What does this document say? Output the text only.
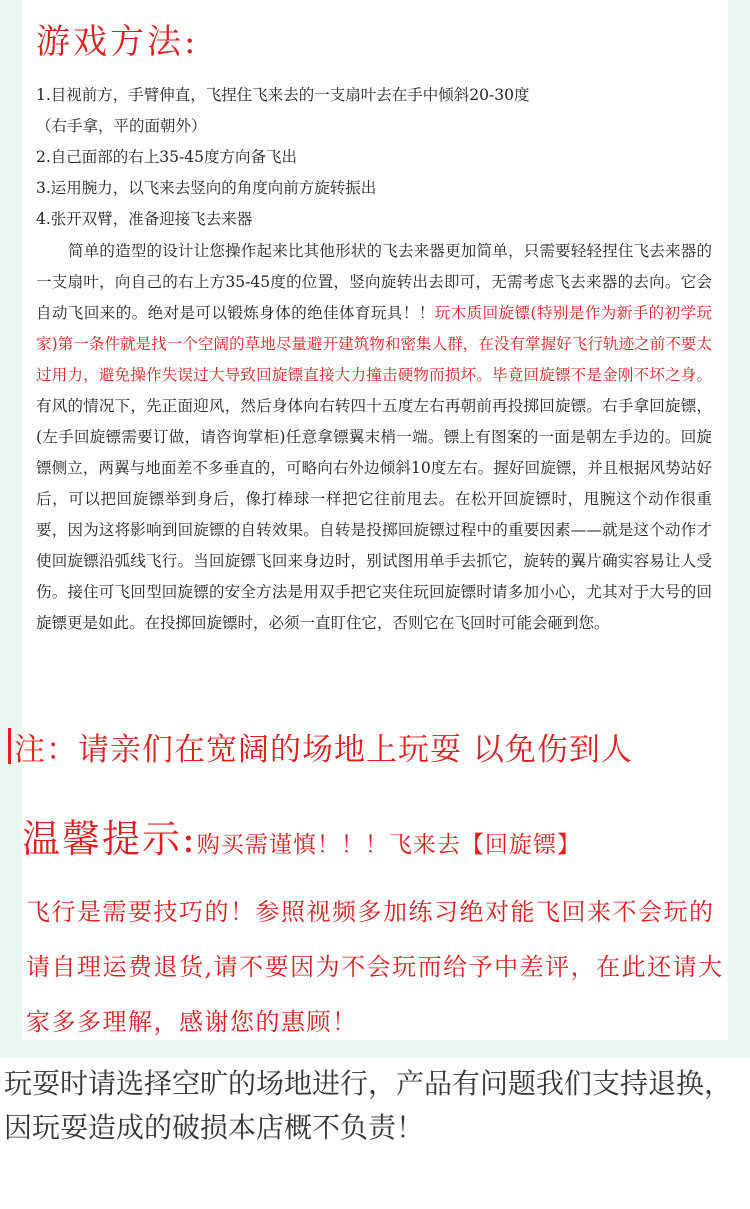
游戏方法:
1.目视前方，手臂伸直，飞捏住飞来去的一支扇叶去在手中倾斜20-30度
（右手拿，平的面朝外）
2.自己面部的右上35-45度方向备飞出
3.运用腕力，以飞来去竖向的角度向前方旋转振出
4.张开双臂，准备迎接飞去来器

简单的造型的设计让您操作起来比其他形状的飞去来器更加简单，只需要轻轻捏住飞去来器的一支扇叶，向自己的右上方35-45度的位置，竖向旋转出去即可，无需考虑飞去来器的去向。它会自动飞回来的。绝对是可以锻炼身体的绝佳体育玩具！！玩木质回旋镖(特别是作为新手的初学玩家)第一条件就是找一个空阔的草地尽量避开建筑物和密集人群，在没有掌握好飞行轨迹之前不要太过用力，避免操作失误过大导致回旋镖直接大力撞击硬物而损坏。毕竟回旋镖不是金刚不坏之身。有风的情况下，先正面迎风，然后身体向右转四十五度左右再朝前再投掷回旋镖。右手拿回旋镖，(左手回旋镖需要订做，请咨询掌柜)任意拿镖翼末梢一端。镖上有图案的一面是朝左手边的。回旋镖侧立，两翼与地面差不多垂直的，可略向右外边倾斜10度左右。握好回旋镖，并且根据风势站好后，可以把回旋镖举到身后，像打棒球一样把它往前甩去。在松开回旋镖时，甩腕这个动作很重要，因为这将影响到回旋镖的自转效果。自转是投掷回旋镖过程中的重要因素——就是这个动作才使回旋镖沿弧线飞行。当回旋镖飞回来身边时，别试图用单手去抓它，旋转的翼片确实容易让人受伤。接住可飞回型回旋镖的安全方法是用双手把它夹住玩回旋镖时请多加小心，尤其对于大号的回旋镖更是如此。在投掷回旋镖时，必须一直盯住它，否则它在飞回时可能会砸到您。

注：请亲们在宽阔的场地上玩耍 以免伤到人

温馨提示:购买需谨慎！！！飞来去【回旋镖】

飞行是需要技巧的！参照视频多加练习绝对能飞回来不会玩的请自理运费退货,请不要因为不会玩而给予中差评，在此还请大家多多理解，感谢您的惠顾！

玩耍时请选择空旷的场地进行，产品有问题我们支持退换，因玩耍造成的破损本店概不负责！
